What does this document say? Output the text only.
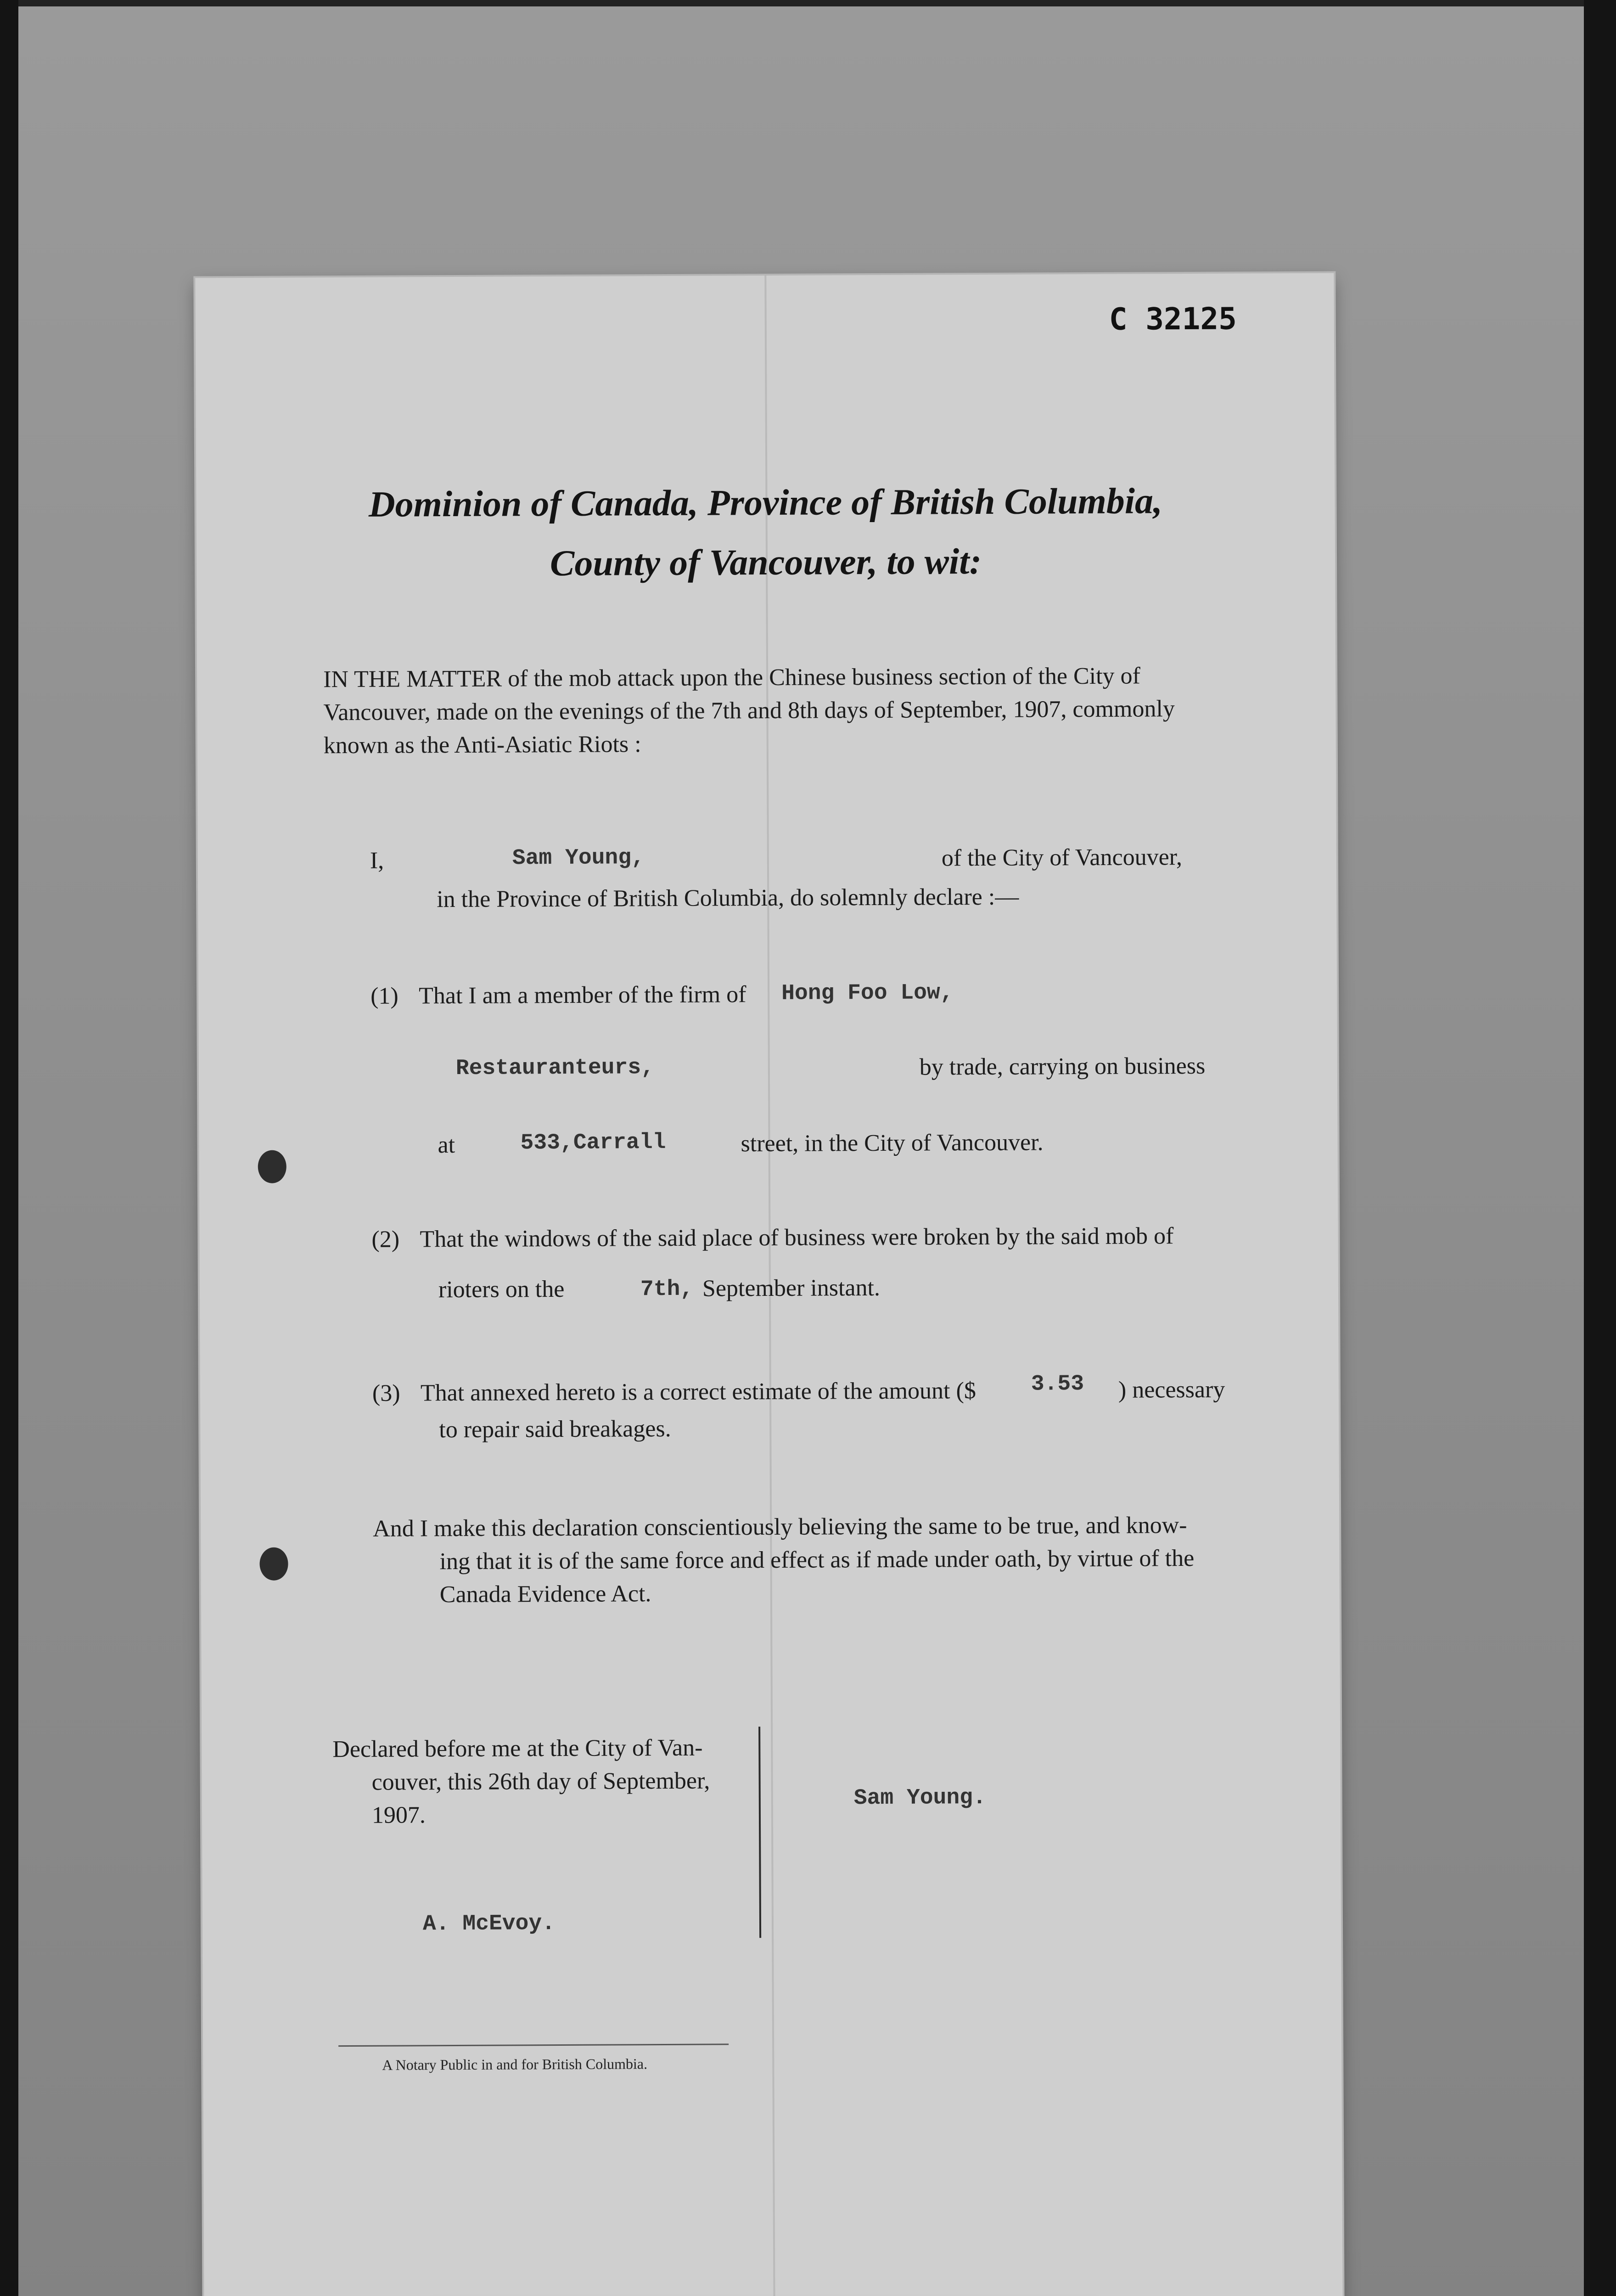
C 32125
Dominion of Canada, Province of British Columbia,
County of Vancouver, to wit:
IN THE MATTER of the mob attack upon the Chinese business section of the City of
Vancouver, made on the evenings of the 7th and 8th days of September, 1907, commonly
known as the Anti-Asiatic Riots :
I,	Sam Young,	of the City of Vancouver,
in the Province of British Columbia, do solemnly declare :—
(1) That I am a member of the firm of Hong Foo Low,
Restauranteurs,	by trade, carrying on business
at	533,Carrall	street, in the City of Vancouver.
(2) That the windows of the said place of business were broken by the said mob of
rioters on the	7th, September instant.
(3) That annexed hereto is a correct estimate of the amount ($ 3.53 ) necessary
to repair said breakages.
And I make this declaration conscientiously believing the same to be true, and know-
ing that it is of the same force and effect as if made under oath, by virtue of the
Canada Evidence Act.
Declared before me at the City of Van-
couver, this 26th day of September,
1907.
Sam Young.
A. McEvoy.
A Notary Public in and for British Columbia.
